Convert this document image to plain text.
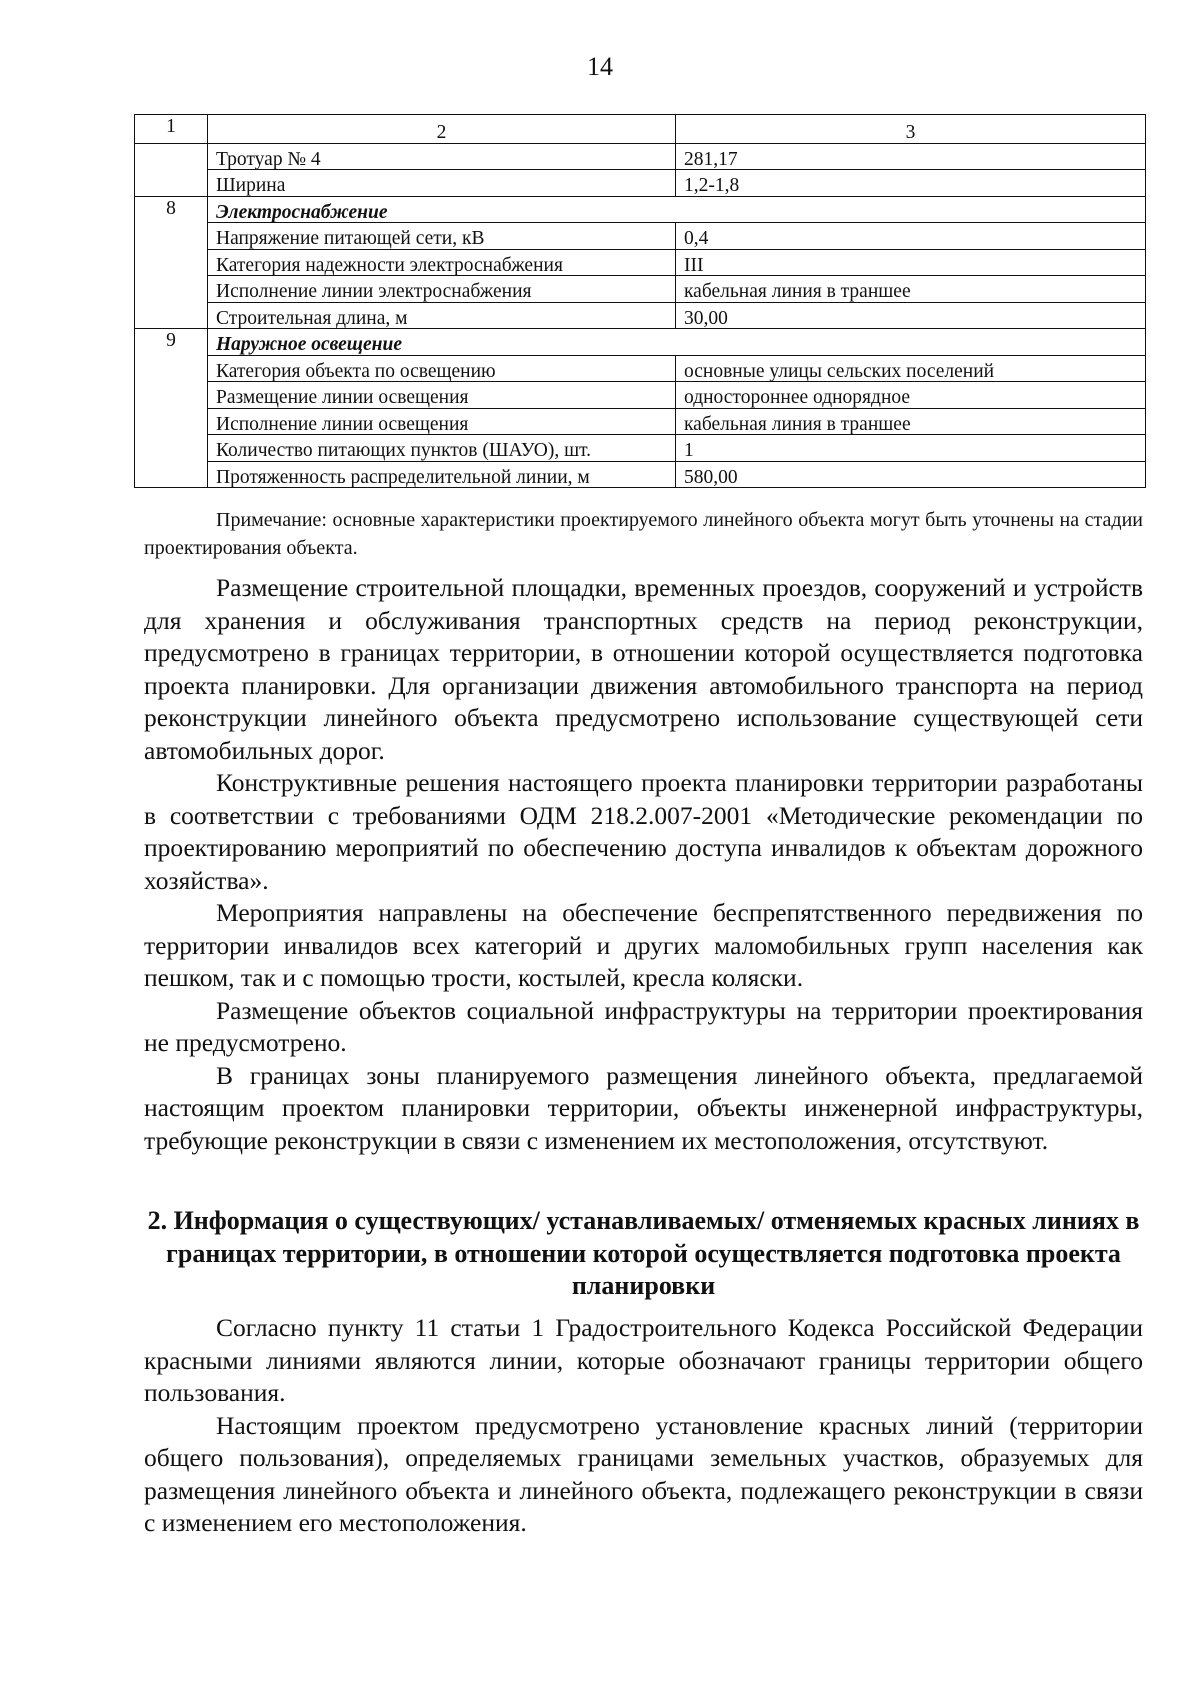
14
1	2	3
	Тротуар № 4	281,17
	Ширина	1,2-1,8
8	Электроснабжение	
	Напряжение питающей сети, кВ	0,4
	Категория надежности электроснабжения	III
	Исполнение линии электроснабжения	кабельная линия в траншее
	Строительная длина, м	30,00
9	Наружное освещение	
	Категория объекта по освещению	основные улицы сельских поселений
	Размещение линии освещения	одностороннее однорядное
	Исполнение линии освещения	кабельная линия в траншее
	Количество питающих пунктов (ШАУО), шт.	1
	Протяженность распределительной линии, м	580,00
Примечание: основные характеристики проектируемого линейного объекта могут быть уточнены на стадии проектирования объекта.

Размещение строительной площадки, временных проездов, сооружений и устройств для хранения и обслуживания транспортных средств на период реконструкции, предусмотрено в границах территории, в отношении которой осуществляется подготовка проекта планировки. Для организации движения автомобильного транспорта на период реконструкции линейного объекта предусмотрено использование существующей сети автомобильных дорог.

Конструктивные решения настоящего проекта планировки территории разработаны в соответствии с требованиями ОДМ 218.2.007-2001 «Методические рекомендации по проектированию мероприятий по обеспечению доступа инвалидов к объектам дорожного хозяйства».

Мероприятия направлены на обеспечение беспрепятственного передвижения по территории инвалидов всех категорий и других маломобильных групп населения как пешком, так и с помощью трости, костылей, кресла коляски.

Размещение объектов социальной инфраструктуры на территории проектирования не предусмотрено.

В границах зоны планируемого размещения линейного объекта, предлагаемой настоящим проектом планировки территории, объекты инженерной инфраструктуры, требующие реконструкции в связи с изменением их местоположения, отсутствуют.

2. Информация о существующих/ устанавливаемых/ отменяемых красных линиях в границах территории, в отношении которой осуществляется подготовка проекта планировки

Согласно пункту 11 статьи 1 Градостроительного Кодекса Российской Федерации красными линиями являются линии, которые обозначают границы территории общего пользования.

Настоящим проектом предусмотрено установление красных линий (территории общего пользования), определяемых границами земельных участков, образуемых для размещения линейного объекта и линейного объекта, подлежащего реконструкции в связи с изменением его местоположения.
